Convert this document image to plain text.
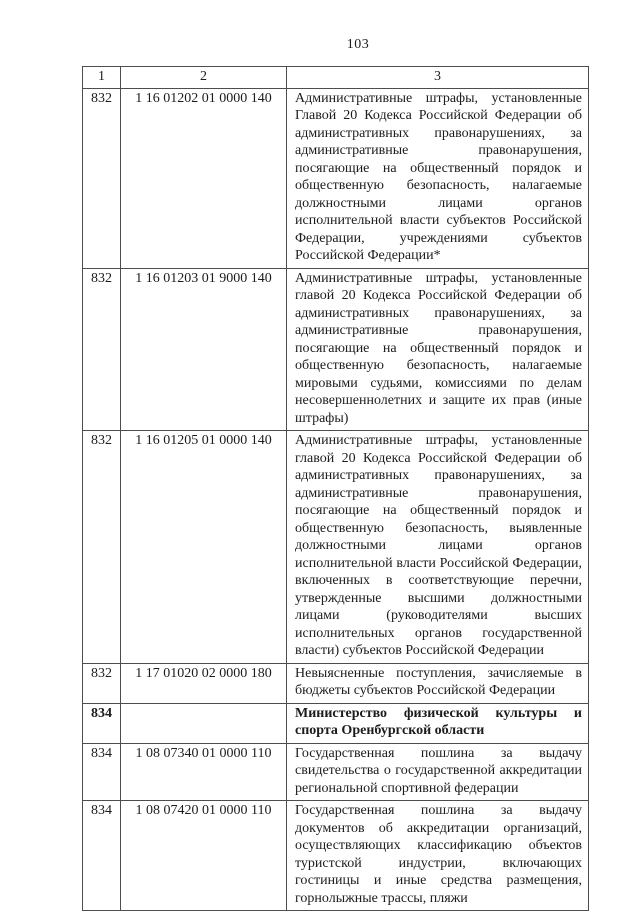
103
1	2	3
832	1 16 01202 01 0000 140	Административные штрафы, установленные Главой 20 Кодекса Российской Федерации об административных правонарушениях, за административные правонарушения, посягающие на общественный порядок и общественную безопасность, налагаемые должностными лицами органов исполнительной власти субъектов Российской Федерации, учреждениями субъектов Российской Федерации*
832	1 16 01203 01 9000 140	Административные штрафы, установленные главой 20 Кодекса Российской Федерации об административных правонарушениях, за административные правонарушения, посягающие на общественный порядок и общественную безопасность, налагаемые мировыми судьями, комиссиями по делам несовершеннолетних и защите их прав (иные штрафы)
832	1 16 01205 01 0000 140	Административные штрафы, установленные главой 20 Кодекса Российской Федерации об административных правонарушениях, за административные правонарушения, посягающие на общественный порядок и общественную безопасность, выявленные должностными лицами органов исполнительной власти Российской Федерации, включенных в соответствующие перечни, утвержденные высшими должностными лицами (руководителями высших исполнительных органов государственной власти) субъектов Российской Федерации
832	1 17 01020 02 0000 180	Невыясненные поступления, зачисляемые в бюджеты субъектов Российской Федерации
834		Министерство физической культуры и спорта Оренбургской области
834	1 08 07340 01 0000 110	Государственная пошлина за выдачу свидетельства о государственной аккредитации региональной спортивной федерации
834	1 08 07420 01 0000 110	Государственная пошлина за выдачу документов об аккредитации организаций, осуществляющих классификацию объектов туристской индустрии, включающих гостиницы и иные средства размещения, горнолыжные трассы, пляжи
